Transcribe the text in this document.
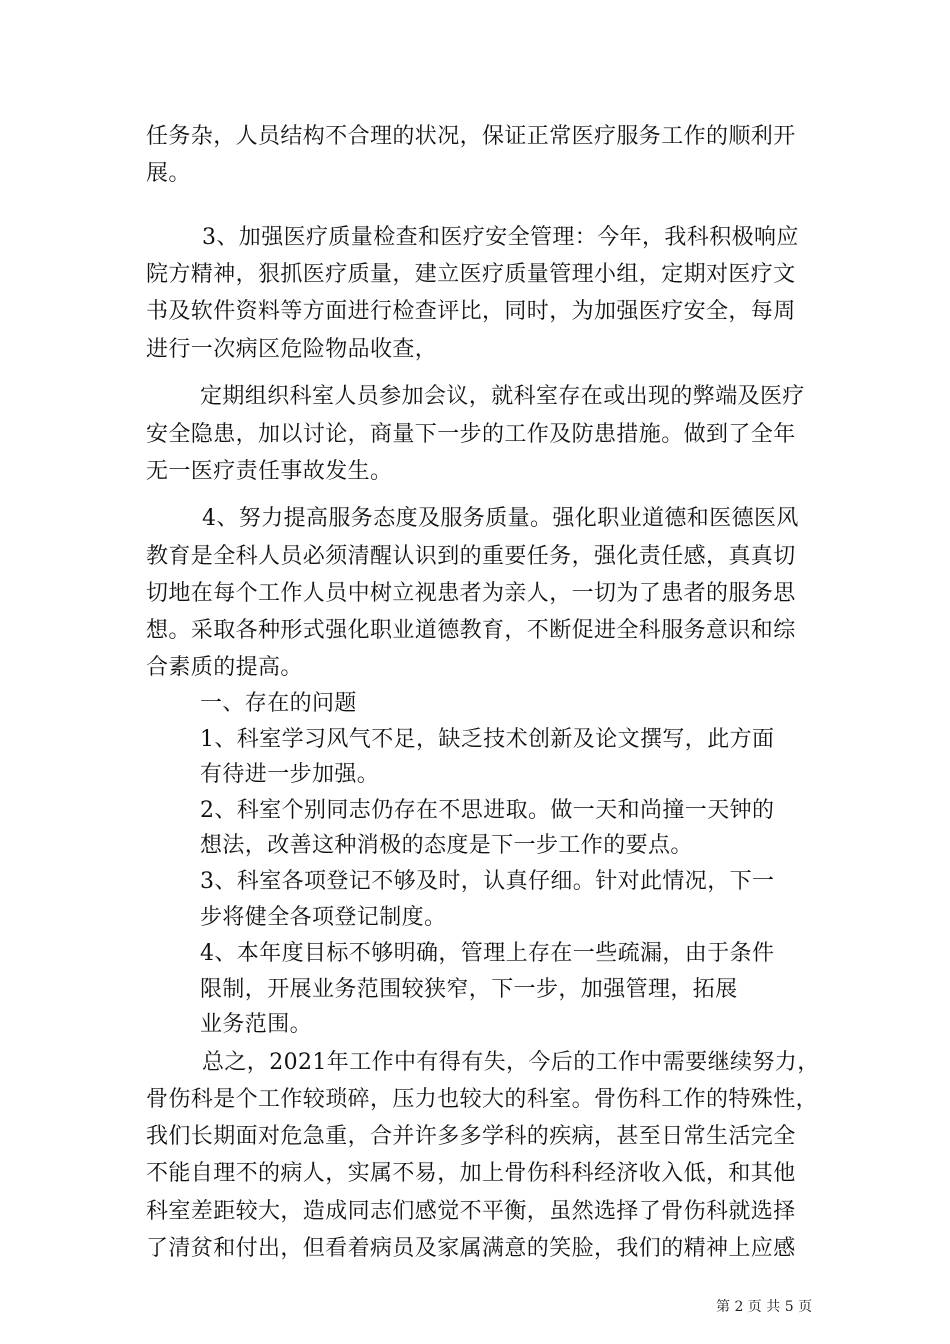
任务杂，人员结构不合理的状况，保证正常医疗服务工作的顺利开
展。
3、加强医疗质量检查和医疗安全管理：今年，我科积极响应
院方精神，狠抓医疗质量，建立医疗质量管理小组，定期对医疗文
书及软件资料等方面进行检查评比，同时，为加强医疗安全，每周
进行一次病区危险物品收查，
定期组织科室人员参加会议，就科室存在或出现的弊端及医疗
安全隐患，加以讨论，商量下一步的工作及防患措施。做到了全年
无一医疗责任事故发生。
4、努力提高服务态度及服务质量。强化职业道德和医德医风
教育是全科人员必须清醒认识到的重要任务，强化责任感，真真切
切地在每个工作人员中树立视患者为亲人，一切为了患者的服务思
想。采取各种形式强化职业道德教育，不断促进全科服务意识和综
合素质的提高。
一、存在的问题
1、科室学习风气不足，缺乏技术创新及论文撰写，此方面
有待进一步加强。
2、科室个别同志仍存在不思进取。做一天和尚撞一天钟的
想法，改善这种消极的态度是下一步工作的要点。
3、科室各项登记不够及时，认真仔细。针对此情况，下一
步将健全各项登记制度。
4、本年度目标不够明确，管理上存在一些疏漏，由于条件
限制，开展业务范围较狭窄，下一步，加强管理，拓展
业务范围。
总之，2021年工作中有得有失，今后的工作中需要继续努力，
骨伤科是个工作较琐碎，压力也较大的科室。骨伤科工作的特殊性，
我们长期面对危急重，合并许多多学科的疾病，甚至日常生活完全
不能自理不的病人，实属不易，加上骨伤科科经济收入低，和其他
科室差距较大，造成同志们感觉不平衡，虽然选择了骨伤科就选择
了清贫和付出，但看着病员及家属满意的笑脸，我们的精神上应感
第 2 页 共 5 页
